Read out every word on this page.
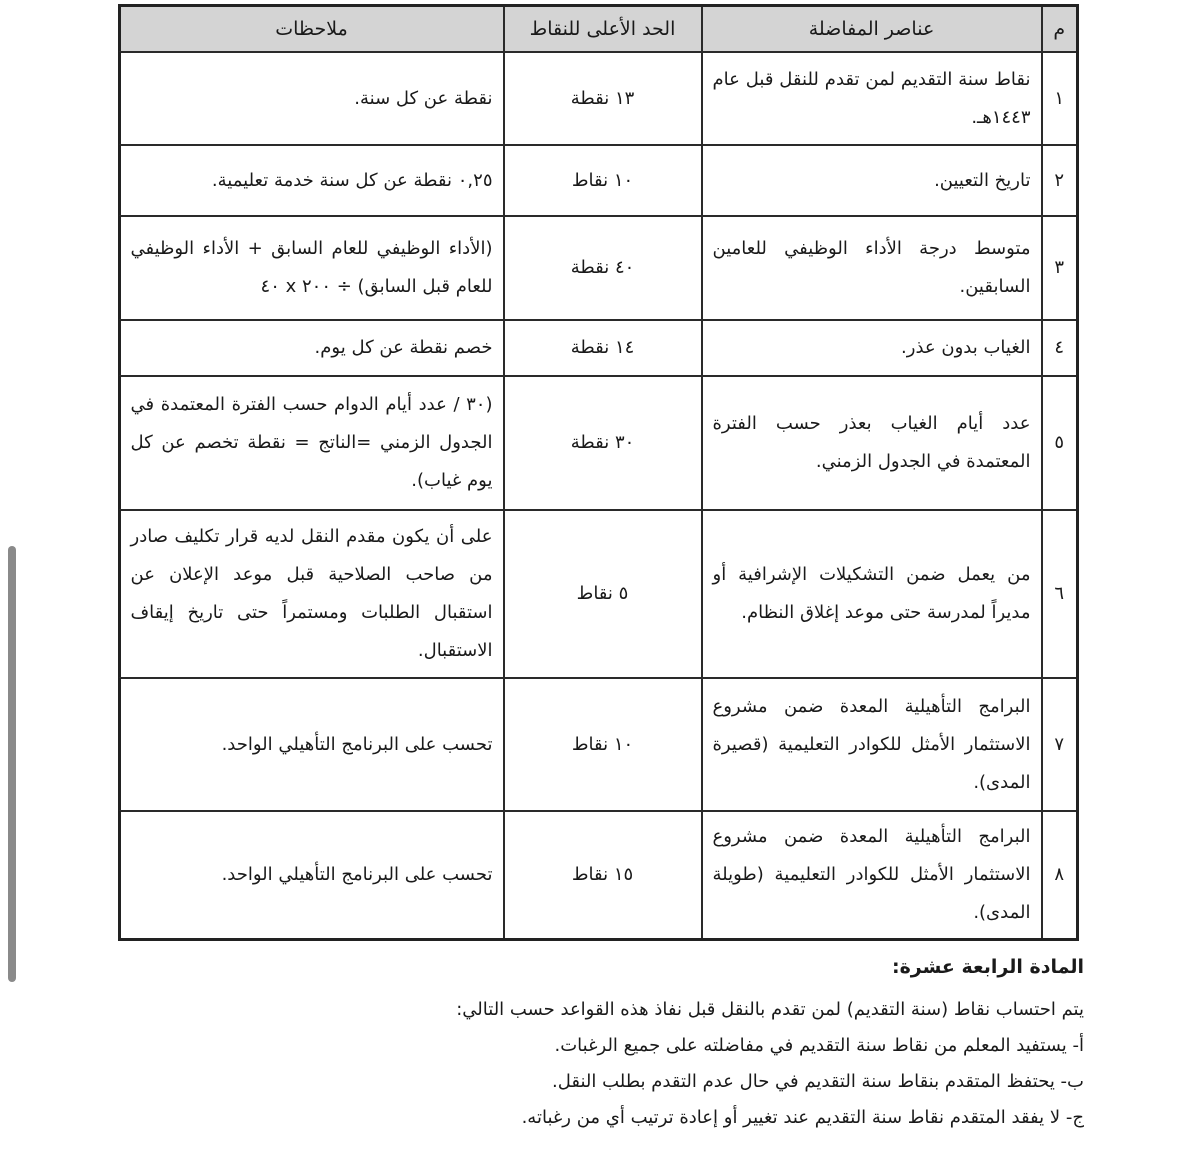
م	عناصر المفاضلة	الحد الأعلى للنقاط	ملاحظات
١	نقاط سنة التقديم لمن تقدم للنقل قبل عام ١٤٤٣هـ.	١٣ نقطة	نقطة عن كل سنة.
٢	تاريخ التعيين.	١٠ نقاط	٠,٢٥ نقطة عن كل سنة خدمة تعليمية.
٣	متوسط درجة الأداء الوظيفي للعامين السابقين.	٤٠ نقطة	(الأداء الوظيفي للعام السابق + الأداء الوظيفي للعام قبل السابق) ÷ ٢٠٠ x ٤٠
٤	الغياب بدون عذر.	١٤ نقطة	خصم نقطة عن كل يوم.
٥	عدد أيام الغياب بعذر حسب الفترة المعتمدة في الجدول الزمني.	٣٠ نقطة	(٣٠ / عدد أيام الدوام حسب الفترة المعتمدة في الجدول الزمني =الناتج = نقطة تخصم عن كل يوم غياب).
٦	من يعمل ضمن التشكيلات الإشرافية أو مديراً لمدرسة حتى موعد إغلاق النظام.	٥ نقاط	على أن يكون مقدم النقل لديه قرار تكليف صادر من صاحب الصلاحية قبل موعد الإعلان عن استقبال الطلبات ومستمراً حتى تاريخ إيقاف الاستقبال.
٧	البرامج التأهيلية المعدة ضمن مشروع الاستثمار الأمثل للكوادر التعليمية (قصيرة المدى).	١٠ نقاط	تحسب على البرنامج التأهيلي الواحد.
٨	البرامج التأهيلية المعدة ضمن مشروع الاستثمار الأمثل للكوادر التعليمية (طويلة المدى).	١٥ نقاط	تحسب على البرنامج التأهيلي الواحد.

المادة الرابعة عشرة:

يتم احتساب نقاط (سنة التقديم) لمن تقدم بالنقل قبل نفاذ هذه القواعد حسب التالي:

أ- يستفيد المعلم من نقاط سنة التقديم في مفاضلته على جميع الرغبات.

ب- يحتفظ المتقدم بنقاط سنة التقديم في حال عدم التقدم بطلب النقل.

ج- لا يفقد المتقدم نقاط سنة التقديم عند تغيير أو إعادة ترتيب أي من رغباته.
